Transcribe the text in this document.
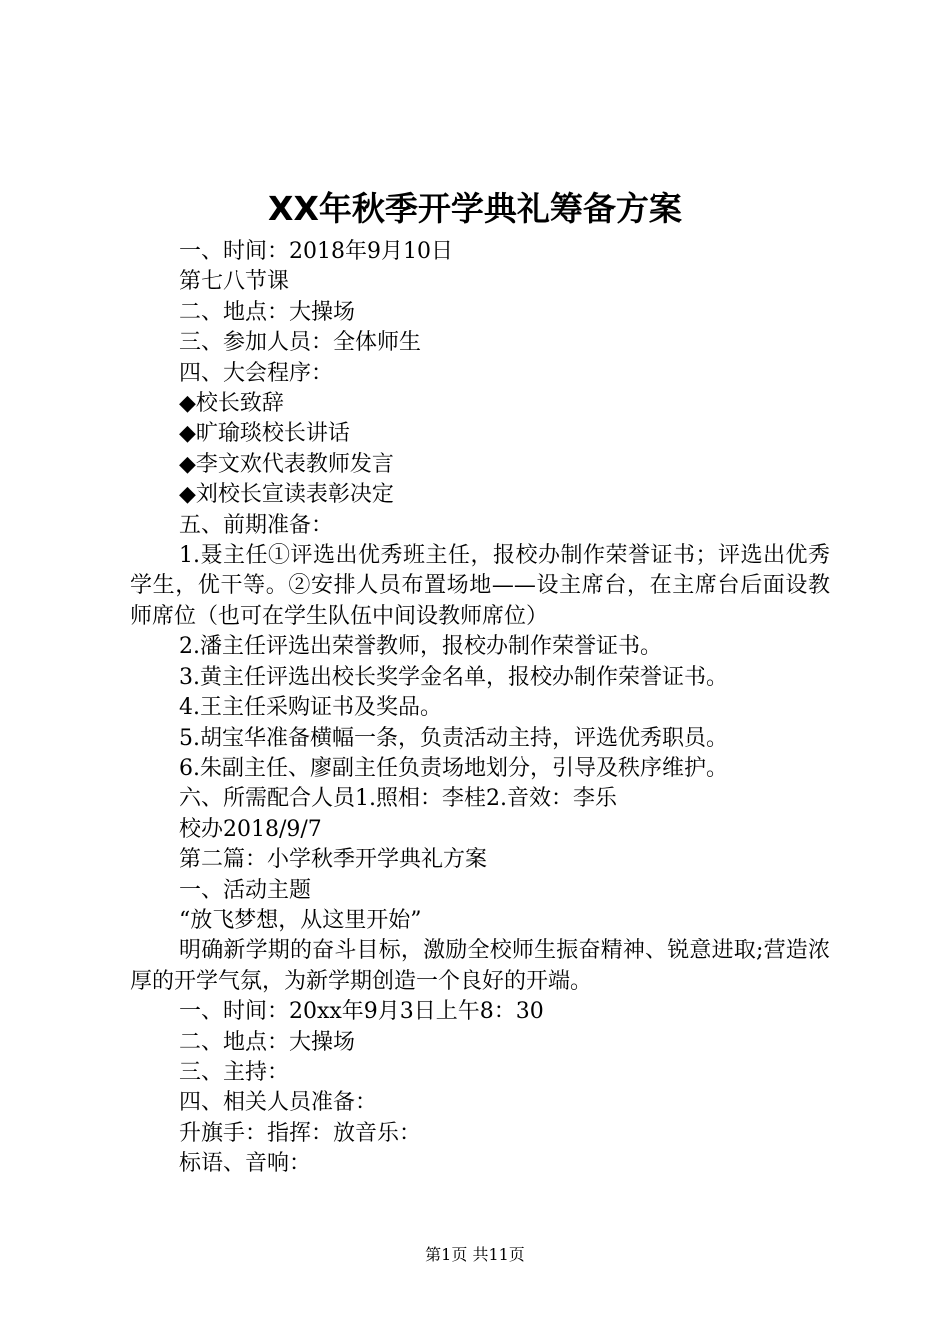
XX年秋季开学典礼筹备方案
一、时间：2018年9月10日
第七八节课
二、地点：大操场
三、参加人员：全体师生
四、大会程序：
◆校长致辞
◆旷瑜琰校长讲话
◆李文欢代表教师发言
◆刘校长宣读表彰决定
五、前期准备：
1.聂主任①评选出优秀班主任，报校办制作荣誉证书；评选出优秀学生，优干等。②安排人员布置场地——设主席台，在主席台后面设教师席位（也可在学生队伍中间设教师席位）
2.潘主任评选出荣誉教师，报校办制作荣誉证书。
3.黄主任评选出校长奖学金名单，报校办制作荣誉证书。
4.王主任采购证书及奖品。
5.胡宝华准备横幅一条，负责活动主持，评选优秀职员。
6.朱副主任、廖副主任负责场地划分，引导及秩序维护。
六、所需配合人员1.照相：李桂2.音效：李乐
校办2018/9/7
第二篇：小学秋季开学典礼方案
一、活动主题
“放飞梦想，从这里开始”
明确新学期的奋斗目标，激励全校师生振奋精神、锐意进取;营造浓厚的开学气氛，为新学期创造一个良好的开端。
一、时间：20xx年9月3日上午8：30
二、地点：大操场
三、主持：
四、相关人员准备：
升旗手：指挥：放音乐：
标语、音响：
第1页 共11页
